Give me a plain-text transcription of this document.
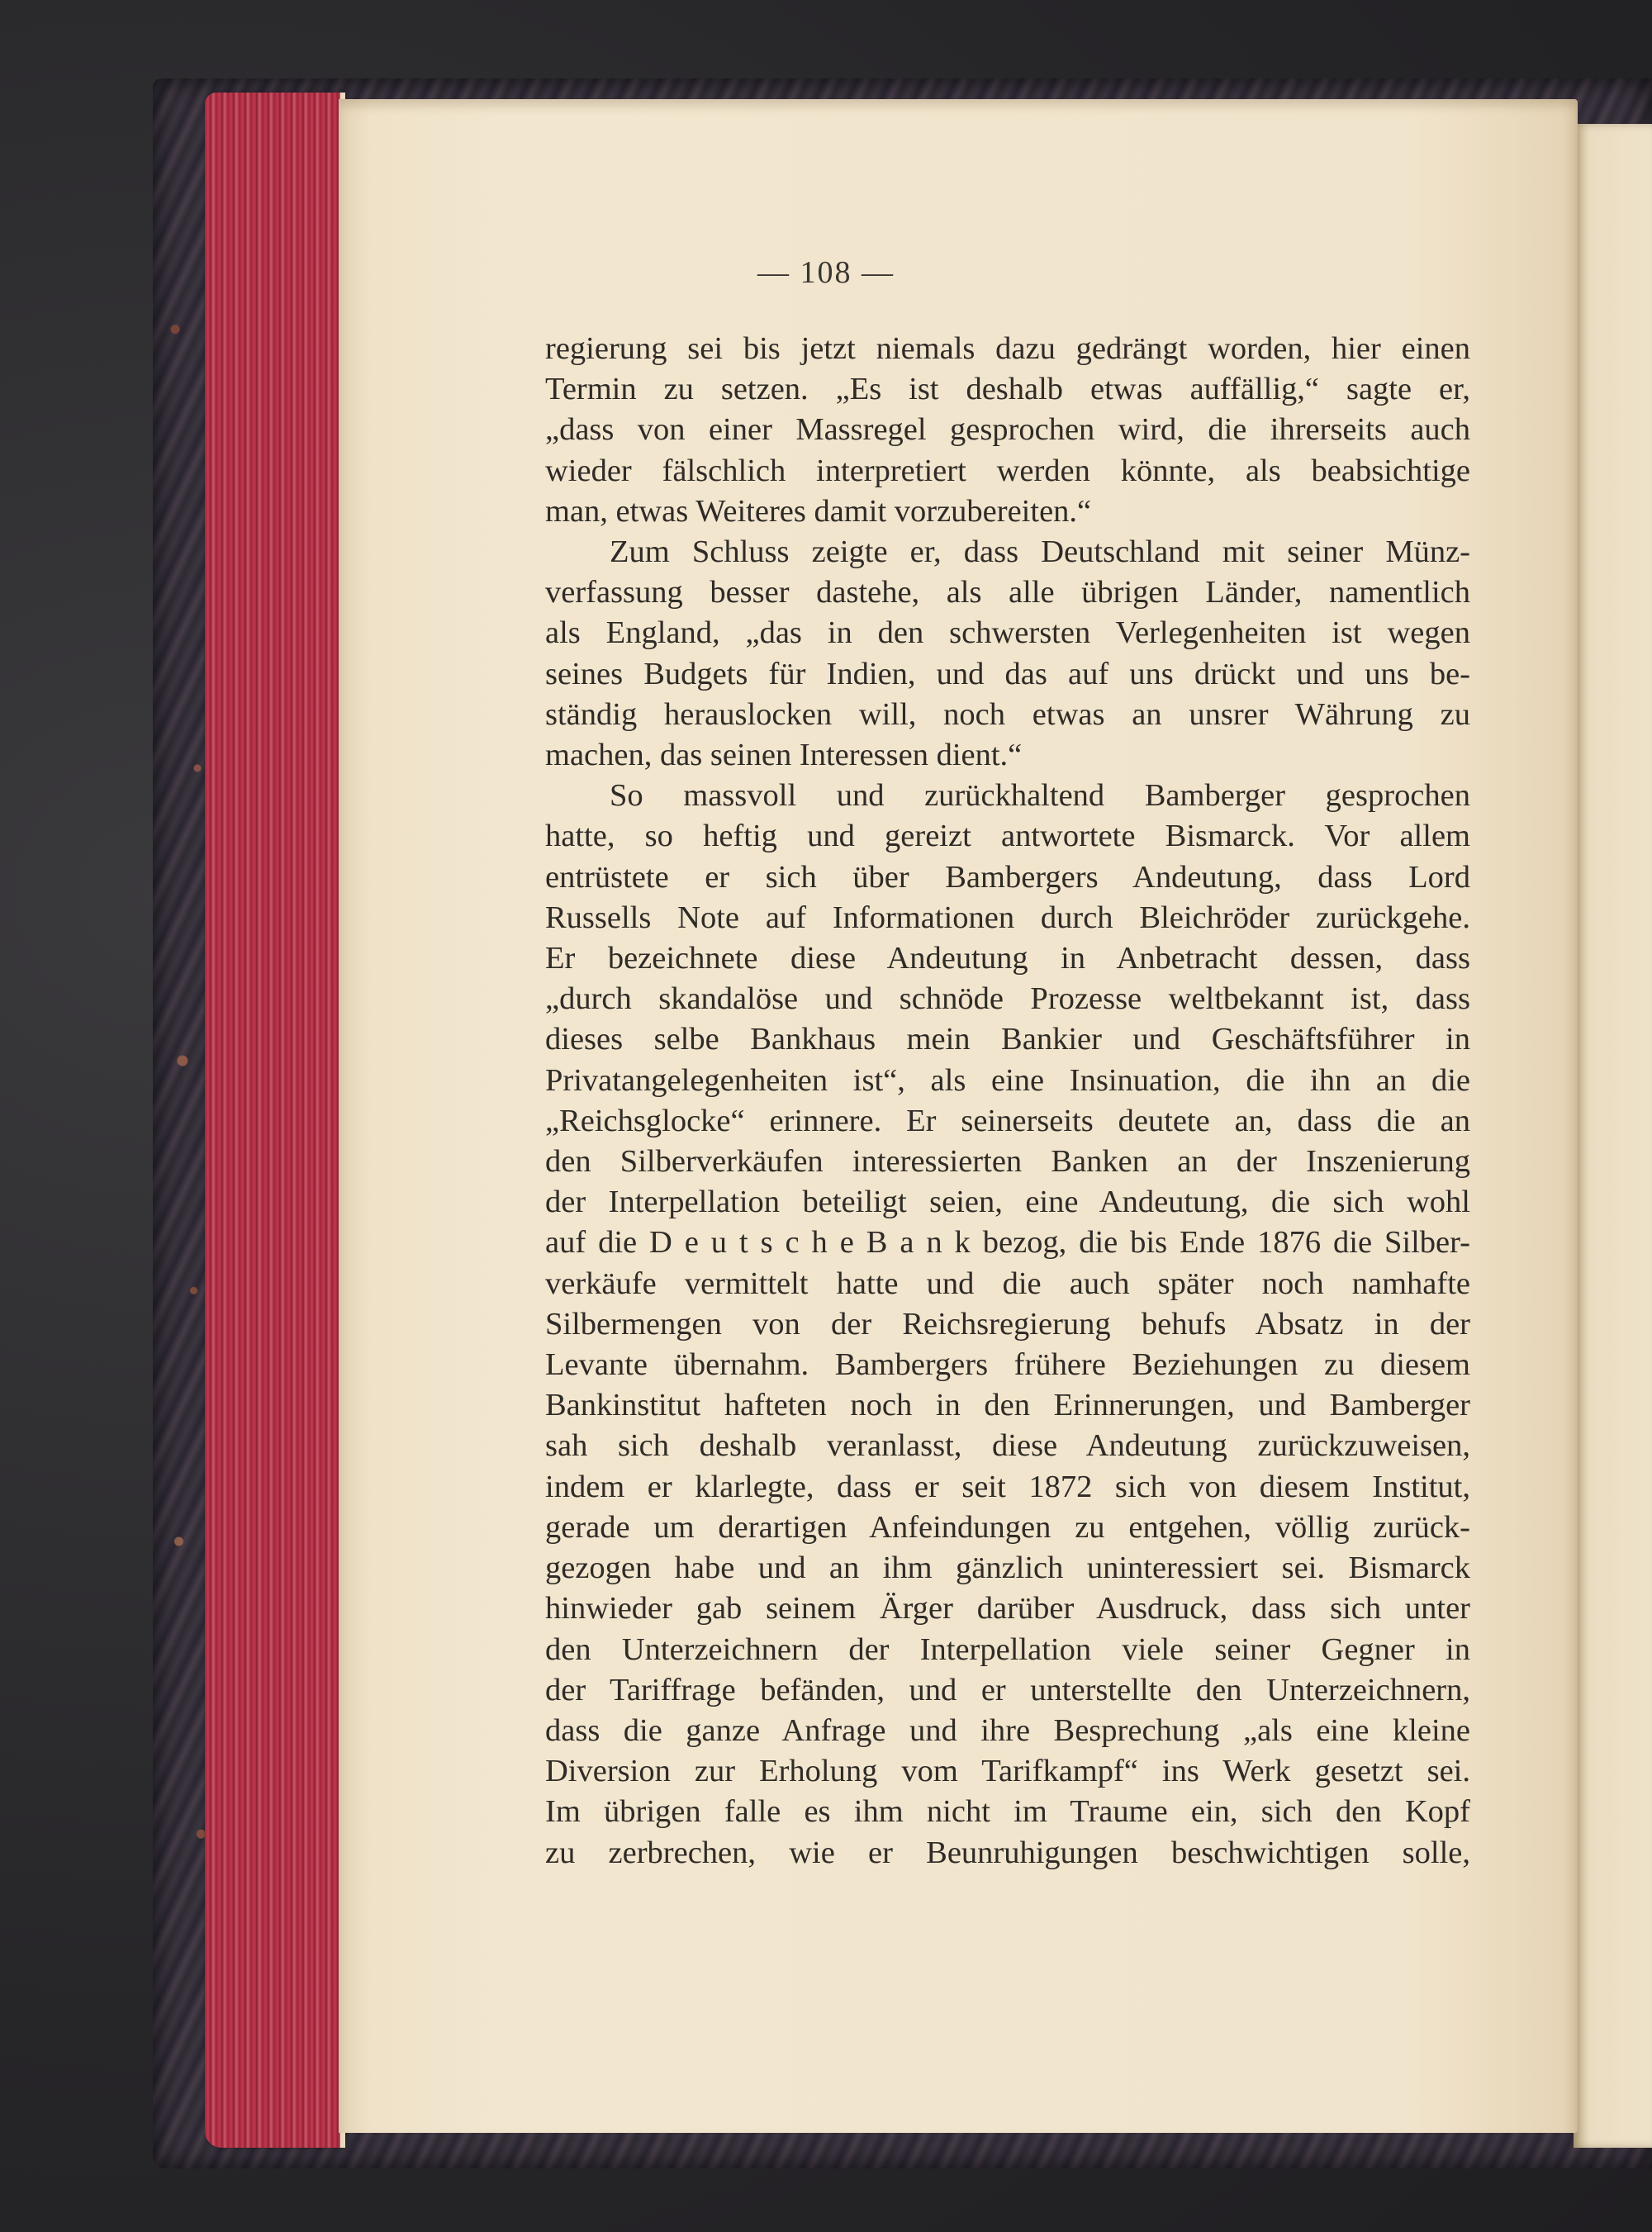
— 108 —
regierung sei bis jetzt niemals dazu gedrängt worden, hier einen
Termin zu setzen. „Es ist deshalb etwas auffällig,“ sagte er,
„dass von einer Massregel gesprochen wird, die ihrerseits auch
wieder fälschlich interpretiert werden könnte, als beabsichtige
man, etwas Weiteres damit vorzubereiten.“
Zum Schluss zeigte er, dass Deutschland mit seiner Münz-
verfassung besser dastehe, als alle übrigen Länder, namentlich
als England, „das in den schwersten Verlegenheiten ist wegen
seines Budgets für Indien, und das auf uns drückt und uns be-
ständig herauslocken will, noch etwas an unsrer Währung zu
machen, das seinen Interessen dient.“
So massvoll und zurückhaltend Bamberger gesprochen
hatte, so heftig und gereizt antwortete Bismarck. Vor allem
entrüstete er sich über Bambergers Andeutung, dass Lord
Russells Note auf Informationen durch Bleichröder zurückgehe.
Er bezeichnete diese Andeutung in Anbetracht dessen, dass
„durch skandalöse und schnöde Prozesse weltbekannt ist, dass
dieses selbe Bankhaus mein Bankier und Geschäftsführer in
Privatangelegenheiten ist“, als eine Insinuation, die ihn an die
„Reichsglocke“ erinnere. Er seinerseits deutete an, dass die an
den Silberverkäufen interessierten Banken an der Inszenierung
der Interpellation beteiligt seien, eine Andeutung, die sich wohl
auf die D e u t s c h e B a n k bezog, die bis Ende 1876 die Silber-
verkäufe vermittelt hatte und die auch später noch namhafte
Silbermengen von der Reichsregierung behufs Absatz in der
Levante übernahm. Bambergers frühere Beziehungen zu diesem
Bankinstitut hafteten noch in den Erinnerungen, und Bamberger
sah sich deshalb veranlasst, diese Andeutung zurückzuweisen,
indem er klarlegte, dass er seit 1872 sich von diesem Institut,
gerade um derartigen Anfeindungen zu entgehen, völlig zurück-
gezogen habe und an ihm gänzlich uninteressiert sei. Bismarck
hinwieder gab seinem Ärger darüber Ausdruck, dass sich unter
den Unterzeichnern der Interpellation viele seiner Gegner in
der Tariffrage befänden, und er unterstellte den Unterzeichnern,
dass die ganze Anfrage und ihre Besprechung „als eine kleine
Diversion zur Erholung vom Tarifkampf“ ins Werk gesetzt sei.
Im übrigen falle es ihm nicht im Traume ein, sich den Kopf
zu zerbrechen, wie er Beunruhigungen beschwichtigen solle,
